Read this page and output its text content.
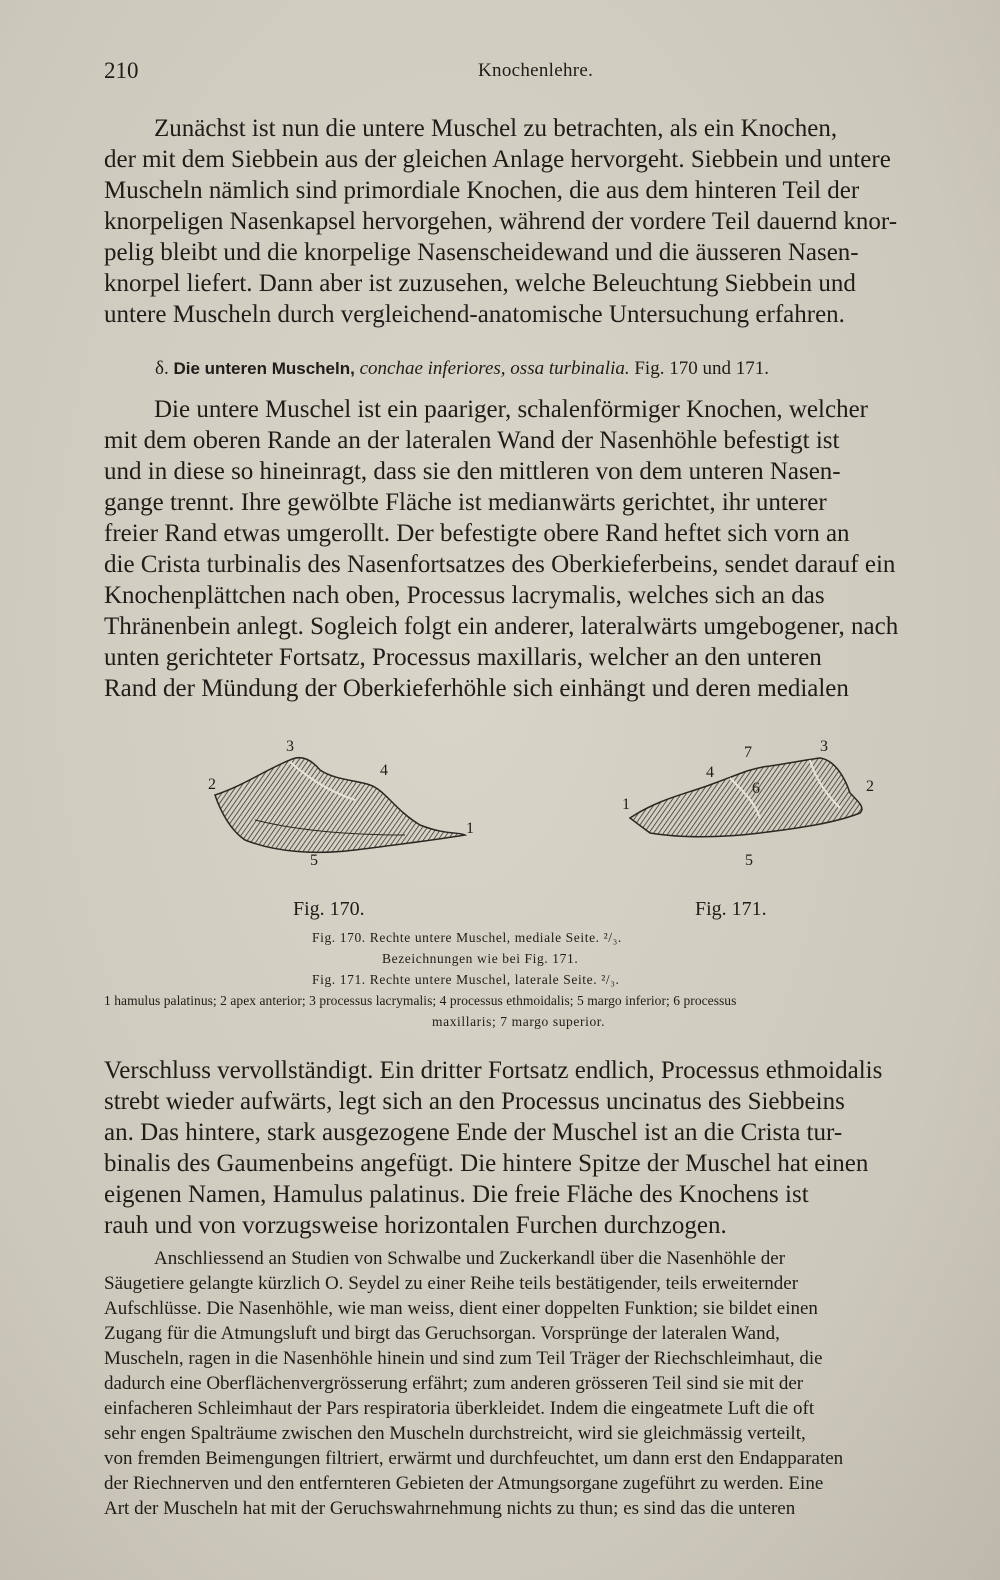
210	Knochenlehre.
Zunächst ist nun die untere Muschel zu betrachten, als ein Knochen,
der mit dem Siebbein aus der gleichen Anlage hervorgeht. Siebbein und untere
Muscheln nämlich sind primordiale Knochen, die aus dem hinteren Teil der
knorpeligen Nasenkapsel hervorgehen, während der vordere Teil dauernd knor-
pelig bleibt und die knorpelige Nasenscheidewand und die äusseren Nasen-
knorpel liefert. Dann aber ist zuzusehen, welche Beleuchtung Siebbein und
untere Muscheln durch vergleichend-anatomische Untersuchung erfahren.
δ. Die unteren Muscheln, conchae inferiores, ossa turbinalia. Fig. 170 und 171.
Die untere Muschel ist ein paariger, schalenförmiger Knochen, welcher
mit dem oberen Rande an der lateralen Wand der Nasenhöhle befestigt ist
und in diese so hineinragt, dass sie den mittleren von dem unteren Nasen-
gange trennt. Ihre gewölbte Fläche ist medianwärts gerichtet, ihr unterer
freier Rand etwas umgerollt. Der befestigte obere Rand heftet sich vorn an
die Crista turbinalis des Nasenfortsatzes des Oberkieferbeins, sendet darauf ein
Knochenplättchen nach oben, Processus lacrymalis, welches sich an das
Thränenbein anlegt. Sogleich folgt ein anderer, lateralwärts umgebogener, nach
unten gerichteter Fortsatz, Processus maxillaris, welcher an den unteren
Rand der Mündung der Oberkieferhöhle sich einhängt und deren medialen
3
4
2
1
5
7	3
4
6	2
1
5
Fig. 170.	Fig. 171.
Fig. 170. Rechte untere Muschel, mediale Seite. ²/₃.
Bezeichnungen wie bei Fig. 171.
Fig. 171. Rechte untere Muschel, laterale Seite. ²/₃.
1 hamulus palatinus; 2 apex anterior; 3 processus lacrymalis; 4 processus ethmoidalis; 5 margo inferior; 6 processus
maxillaris; 7 margo superior.
Verschluss vervollständigt. Ein dritter Fortsatz endlich, Processus ethmoidalis
strebt wieder aufwärts, legt sich an den Processus uncinatus des Siebbeins
an. Das hintere, stark ausgezogene Ende der Muschel ist an die Crista tur-
binalis des Gaumenbeins angefügt. Die hintere Spitze der Muschel hat einen
eigenen Namen, Hamulus palatinus. Die freie Fläche des Knochens ist
rauh und von vorzugsweise horizontalen Furchen durchzogen.
Anschliessend an Studien von Schwalbe und Zuckerkandl über die Nasenhöhle der
Säugetiere gelangte kürzlich O. Seydel zu einer Reihe teils bestätigender, teils erweiternder
Aufschlüsse. Die Nasenhöhle, wie man weiss, dient einer doppelten Funktion; sie bildet einen
Zugang für die Atmungsluft und birgt das Geruchsorgan. Vorsprünge der lateralen Wand,
Muscheln, ragen in die Nasenhöhle hinein und sind zum Teil Träger der Riechschleimhaut, die
dadurch eine Oberflächenvergrösserung erfährt; zum anderen grösseren Teil sind sie mit der
einfacheren Schleimhaut der Pars respiratoria überkleidet. Indem die eingeatmete Luft die oft
sehr engen Spalträume zwischen den Muscheln durchstreicht, wird sie gleichmässig verteilt,
von fremden Beimengungen filtriert, erwärmt und durchfeuchtet, um dann erst den Endapparaten
der Riechnerven und den entfernteren Gebieten der Atmungsorgane zugeführt zu werden. Eine
Art der Muscheln hat mit der Geruchswahrnehmung nichts zu thun; es sind das die unteren
